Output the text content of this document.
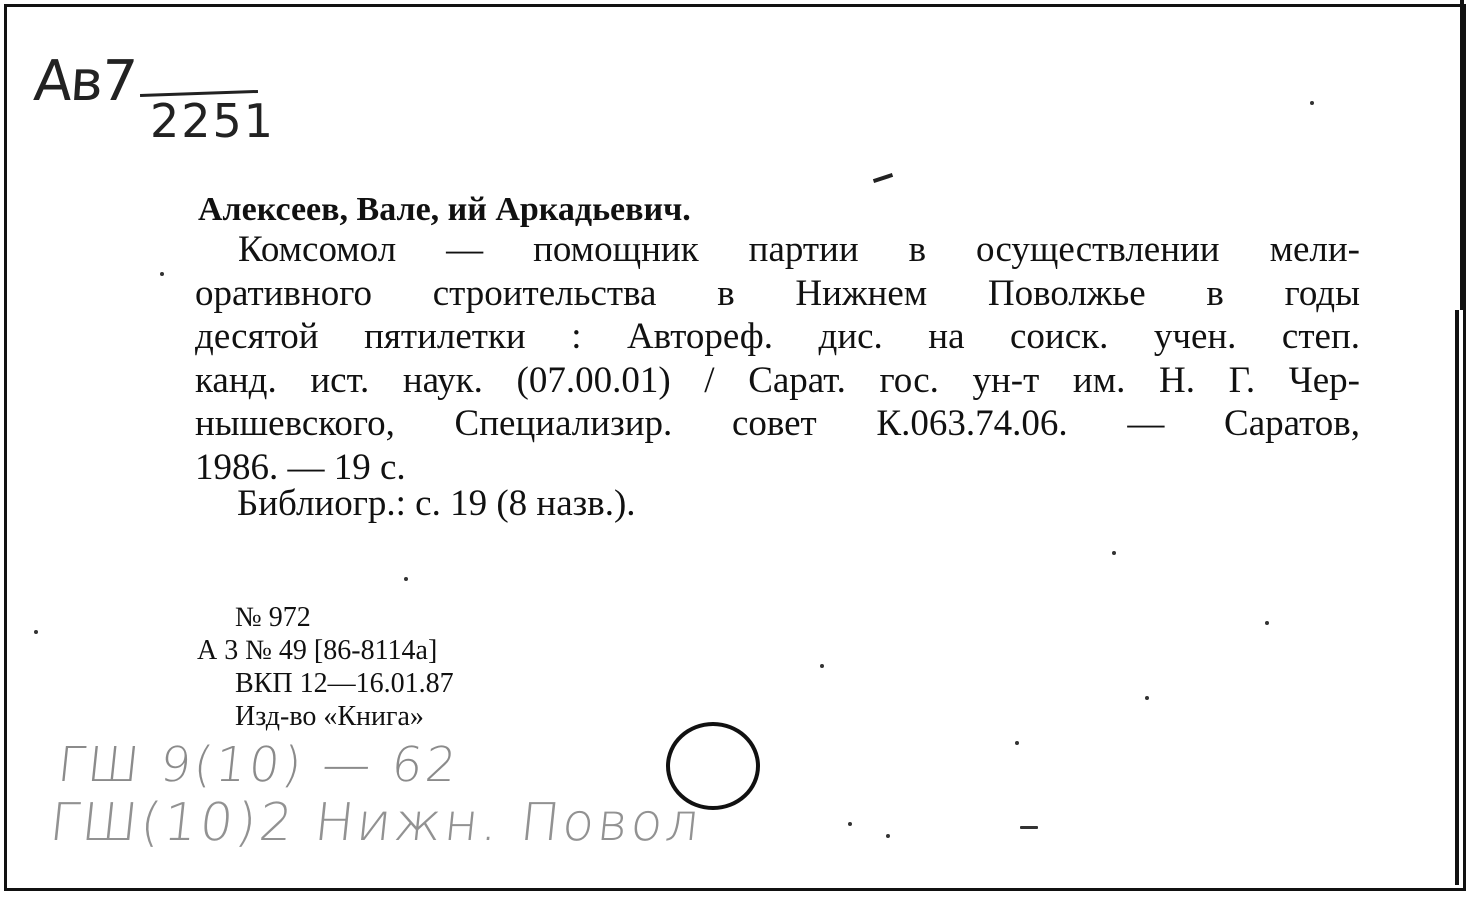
Ав7
2251
Алексеев, Вале, ий Аркадьевич.
Комсомол — помощник партии в осуществлении мели-
оративного строительства в Нижнем Поволжье в годы
десятой пятилетки : Автореф. дис. на соиск. учен. степ.
канд. ист. наук. (07.00.01) / Сарат. гос. ун-т им. Н. Г. Чер-
нышевского, Специализир. совет К.063.74.06. — Саратов,
1986. — 19 с.
Библиогр.: с. 19 (8 назв.).
№ 972
А 3 № 49 [86-8114а]
ВКП 12—16.01.87
Изд-во «Книга»
ГШ 9(10) — 62
ГШ(10)2 Нижн. Повол
